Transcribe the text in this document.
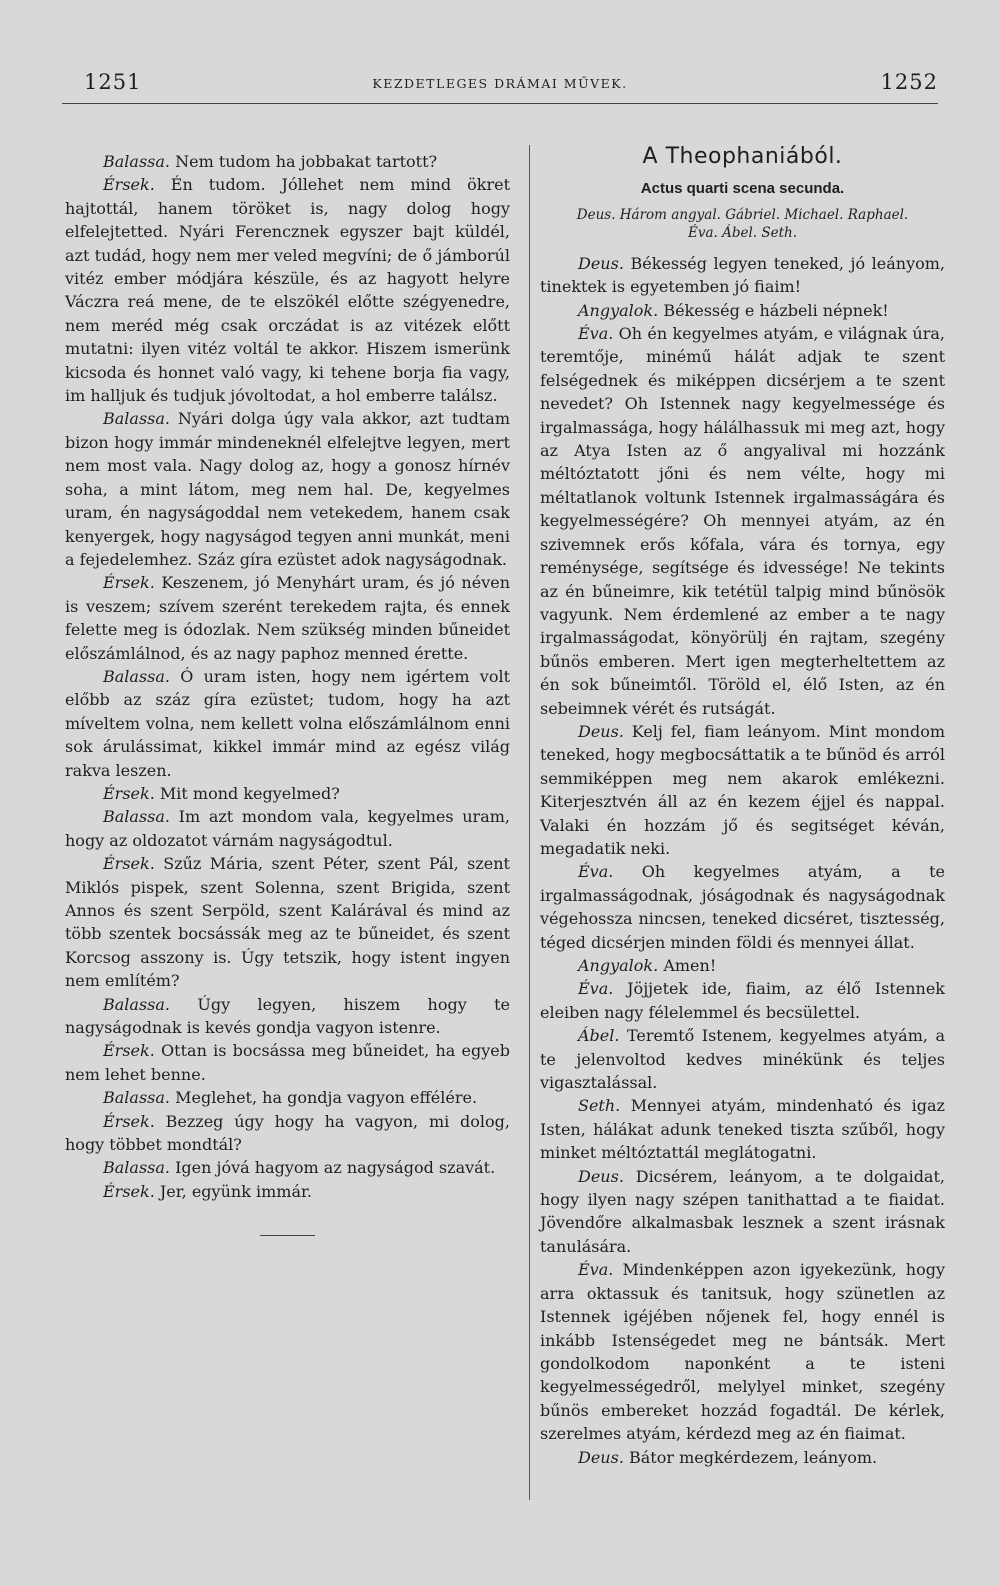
1251	KEZDETLEGES DRÁMAI MŰVEK.	1252

Balassa. Nem tudom ha jobbakat tartott?

Érsek. Én tudom. Jóllehet nem mind ökret hajtottál, hanem töröket is, nagy dolog hogy elfelejtetted. Nyári Ferencznek egyszer bajt küldél, azt tudád, hogy nem mer veled megvíni; de ő jámborúl vitéz ember módjára készüle, és az hagyott helyre Váczra reá mene, de te elszökél előtte szégyenedre, nem meréd még csak orczádat is az vitézek előtt mutatni: ilyen vitéz voltál te akkor. Hiszem ismerünk kicsoda és honnet való vagy, ki tehene borja fia vagy, im halljuk és tudjuk jóvoltodat, a hol emberre találsz.

Balassa. Nyári dolga úgy vala akkor, azt tudtam bizon hogy immár mindeneknél elfelejtve legyen, mert nem most vala. Nagy dolog az, hogy a gonosz hírnév soha, a mint látom, meg nem hal. De, kegyelmes uram, én nagyságoddal nem vetekedem, hanem csak kenyergek, hogy nagyságod tegyen anni munkát, meni a fejedelemhez. Száz gíra ezüstet adok nagyságodnak.

Érsek. Keszenem, jó Menyhárt uram, és jó néven is veszem; szívem szerént terekedem rajta, és ennek felette meg is ódozlak. Nem szükség minden bűneidet előszámlálnod, és az nagy paphoz menned érette.

Balassa. Ó uram isten, hogy nem igértem volt előbb az száz gíra ezüstet; tudom, hogy ha azt míveltem volna, nem kellett volna előszámlálnom enni sok árulássimat, kikkel immár mind az egész világ rakva leszen.

Érsek. Mit mond kegyelmed?

Balassa. Im azt mondom vala, kegyelmes uram, hogy az oldozatot várnám nagyságodtul.

Érsek. Szűz Mária, szent Péter, szent Pál, szent Miklós pispek, szent Solenna, szent Brigida, szent Annos és szent Serpöld, szent Kalárával és mind az több szentek bocsássák meg az te bűneidet, és szent Korcsog asszony is. Úgy tetszik, hogy istent ingyen nem említém?

Balassa. Úgy legyen, hiszem hogy te nagyságodnak is kevés gondja vagyon istenre.

Érsek. Ottan is bocsássa meg bűneidet, ha egyeb nem lehet benne.

Balassa. Meglehet, ha gondja vagyon effélére.

Érsek. Bezzeg úgy hogy ha vagyon, mi dolog, hogy többet mondtál?

Balassa. Igen jóvá hagyom az nagyságod szavát.

Érsek. Jer, együnk immár.

A Theophaniából.
Actus quarti scena secunda.
Deus. Három angyal. Gábriel. Michael. Raphael.
Éva. Ábel. Seth.

Deus. Békesség legyen teneked, jó leányom, tinektek is egyetemben jó fiaim!

Angyalok. Békesség e házbeli népnek!

Éva. Oh én kegyelmes atyám, e világnak úra, teremtője, minémű hálát adjak te szent felségednek és miképpen dicsérjem a te szent nevedet? Oh Istennek nagy kegyelmessége és irgalmassága, hogy hálálhassuk mi meg azt, hogy az Atya Isten az ő angyalival mi hozzánk méltóztatott jőni és nem vélte, hogy mi méltatlanok voltunk Istennek irgalmasságára és kegyelmességére? Oh mennyei atyám, az én szivemnek erős kőfala, vára és tornya, egy reménysége, segítsége és idvessége! Ne tekints az én bűneimre, kik tetétül talpig mind bűnösök vagyunk. Nem érdemlené az ember a te nagy irgalmasságodat, könyörülj én rajtam, szegény bűnös emberen. Mert igen megterheltettem az én sok bűneimtől. Töröld el, élő Isten, az én sebeimnek vérét és rutságát.

Deus. Kelj fel, fiam leányom. Mint mondom teneked, hogy megbocsáttatik a te bűnöd és arról semmiképpen meg nem akarok emlékezni. Kiterjesztvén áll az én kezem éjjel és nappal. Valaki én hozzám jő és segitséget kéván, megadatik neki.

Éva. Oh kegyelmes atyám, a te irgalmasságodnak, jóságodnak és nagyságodnak végehossza nincsen, teneked dicséret, tisztesség, téged dicsérjen minden földi és mennyei állat.

Angyalok. Amen!

Éva. Jöjjetek ide, fiaim, az élő Istennek eleiben nagy félelemmel és becsülettel.

Ábel. Teremtő Istenem, kegyelmes atyám, a te jelenvoltod kedves minékünk és teljes vigasztalással.

Seth. Mennyei atyám, mindenható és igaz Isten, hálákat adunk teneked tiszta szűből, hogy minket méltóztattál meglátogatni.

Deus. Dicsérem, leányom, a te dolgaidat, hogy ilyen nagy szépen tanithattad a te fiaidat. Jövendőre alkalmasbak lesznek a szent irásnak tanulására.

Éva. Mindenképpen azon igyekezünk, hogy arra oktassuk és tanitsuk, hogy szünetlen az Istennek igéjében nőjenek fel, hogy ennél is inkább Istenségedet meg ne bántsák. Mert gondolkodom naponként a te isteni kegyelmességedről, melylyel minket, szegény bűnös embereket hozzád fogadtál. De kérlek, szerelmes atyám, kérdezd meg az én fiaimat.

Deus. Bátor megkérdezem, leányom.
